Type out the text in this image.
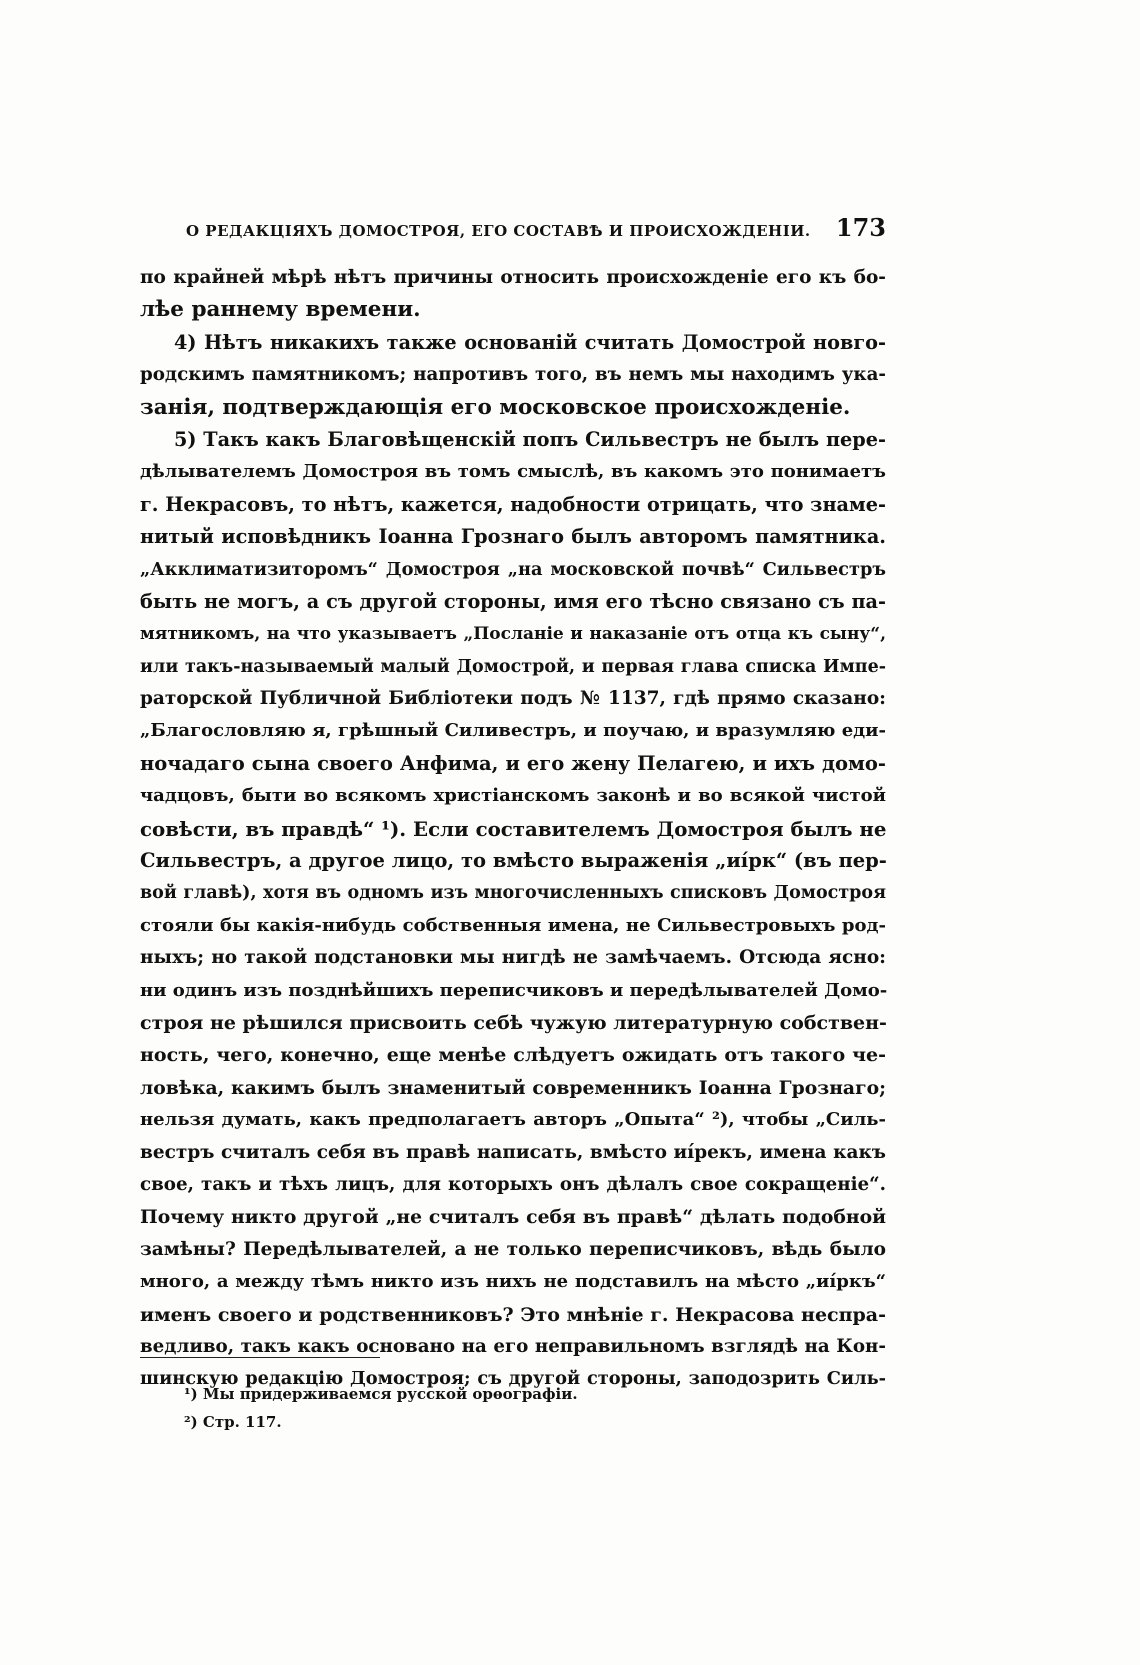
О РЕДАКЦІЯХЪ ДОМОСТРОЯ, ЕГО СОСТАВѢ И ПРОИСХОЖДЕНІИ. 173
по крайней мѣрѣ нѣтъ причины относить происхожденіе его къ бо-
лѣе раннему времени.
4) Нѣтъ никакихъ также основаній считать Домострой новго-
родскимъ памятникомъ; напротивъ того, въ немъ мы находимъ ука-
занія, подтверждающія его московское происхожденіе.
5) Такъ какъ Благовѣщенскій попъ Сильвестръ не былъ пере-
дѣлывателемъ Домостроя въ томъ смыслѣ, въ какомъ это понимаетъ
г. Некрасовъ, то нѣтъ, кажется, надобности отрицать, что знаме-
нитый исповѣдникъ Іоанна Грознаго былъ авторомъ памятника.
„Акклиматизиторомъ“ Домостроя „на московской почвѣ“ Сильвестръ
быть не могъ, а съ другой стороны, имя его тѣсно связано съ па-
мятникомъ, на что указываетъ „Посланіе и наказаніе отъ отца къ сыну“,
или такъ-называемый малый Домострой, и первая глава списка Импе-
раторской Публичной Библіотеки подъ № 1137, гдѣ прямо сказано:
„Благословляю я, грѣшный Силивестръ, и поучаю, и вразумляю еди-
ночадаго сына своего Анфима, и его жену Пелагею, и ихъ домо-
чадцовъ, быти во всякомъ христіанскомъ законѣ и во всякой чистой
совѣсти, въ правдѣ“ ¹). Если составителемъ Домостроя былъ не
Сильвестръ, а другое лицо, то вмѣсто выраженія „иі́рк“ (въ пер-
вой главѣ), хотя въ одномъ изъ многочисленныхъ списковъ Домостроя
стояли бы какія-нибудь собственныя имена, не Сильвестровыхъ род-
ныхъ; но такой подстановки мы нигдѣ не замѣчаемъ. Отсюда ясно:
ни одинъ изъ позднѣйшихъ переписчиковъ и передѣлывателей Домо-
строя не рѣшился присвоить себѣ чужую литературную собствен-
ность, чего, конечно, еще менѣе слѣдуетъ ожидать отъ такого че-
ловѣка, какимъ былъ знаменитый современникъ Іоанна Грознаго;
нельзя думать, какъ предполагаетъ авторъ „Опыта“ ²), чтобы „Силь-
вестръ считалъ себя въ правѣ написать, вмѣсто иі́рекъ, имена какъ
свое, такъ и тѣхъ лицъ, для которыхъ онъ дѣлалъ свое сокращеніе“.
Почему никто другой „не считалъ себя въ правѣ“ дѣлать подобной
замѣны? Передѣлывателей, а не только переписчиковъ, вѣдь было
много, а между тѣмъ никто изъ нихъ не подставилъ на мѣсто „иі́ркъ“
именъ своего и родственниковъ? Это мнѣніе г. Некрасова неспра-
ведливо, такъ какъ основано на его неправильномъ взглядѣ на Кон-
шинскую редакцію Домостроя; съ другой стороны, заподозрить Силь-
¹) Мы придерживаемся русской орѳографіи.
²) Стр. 117.
